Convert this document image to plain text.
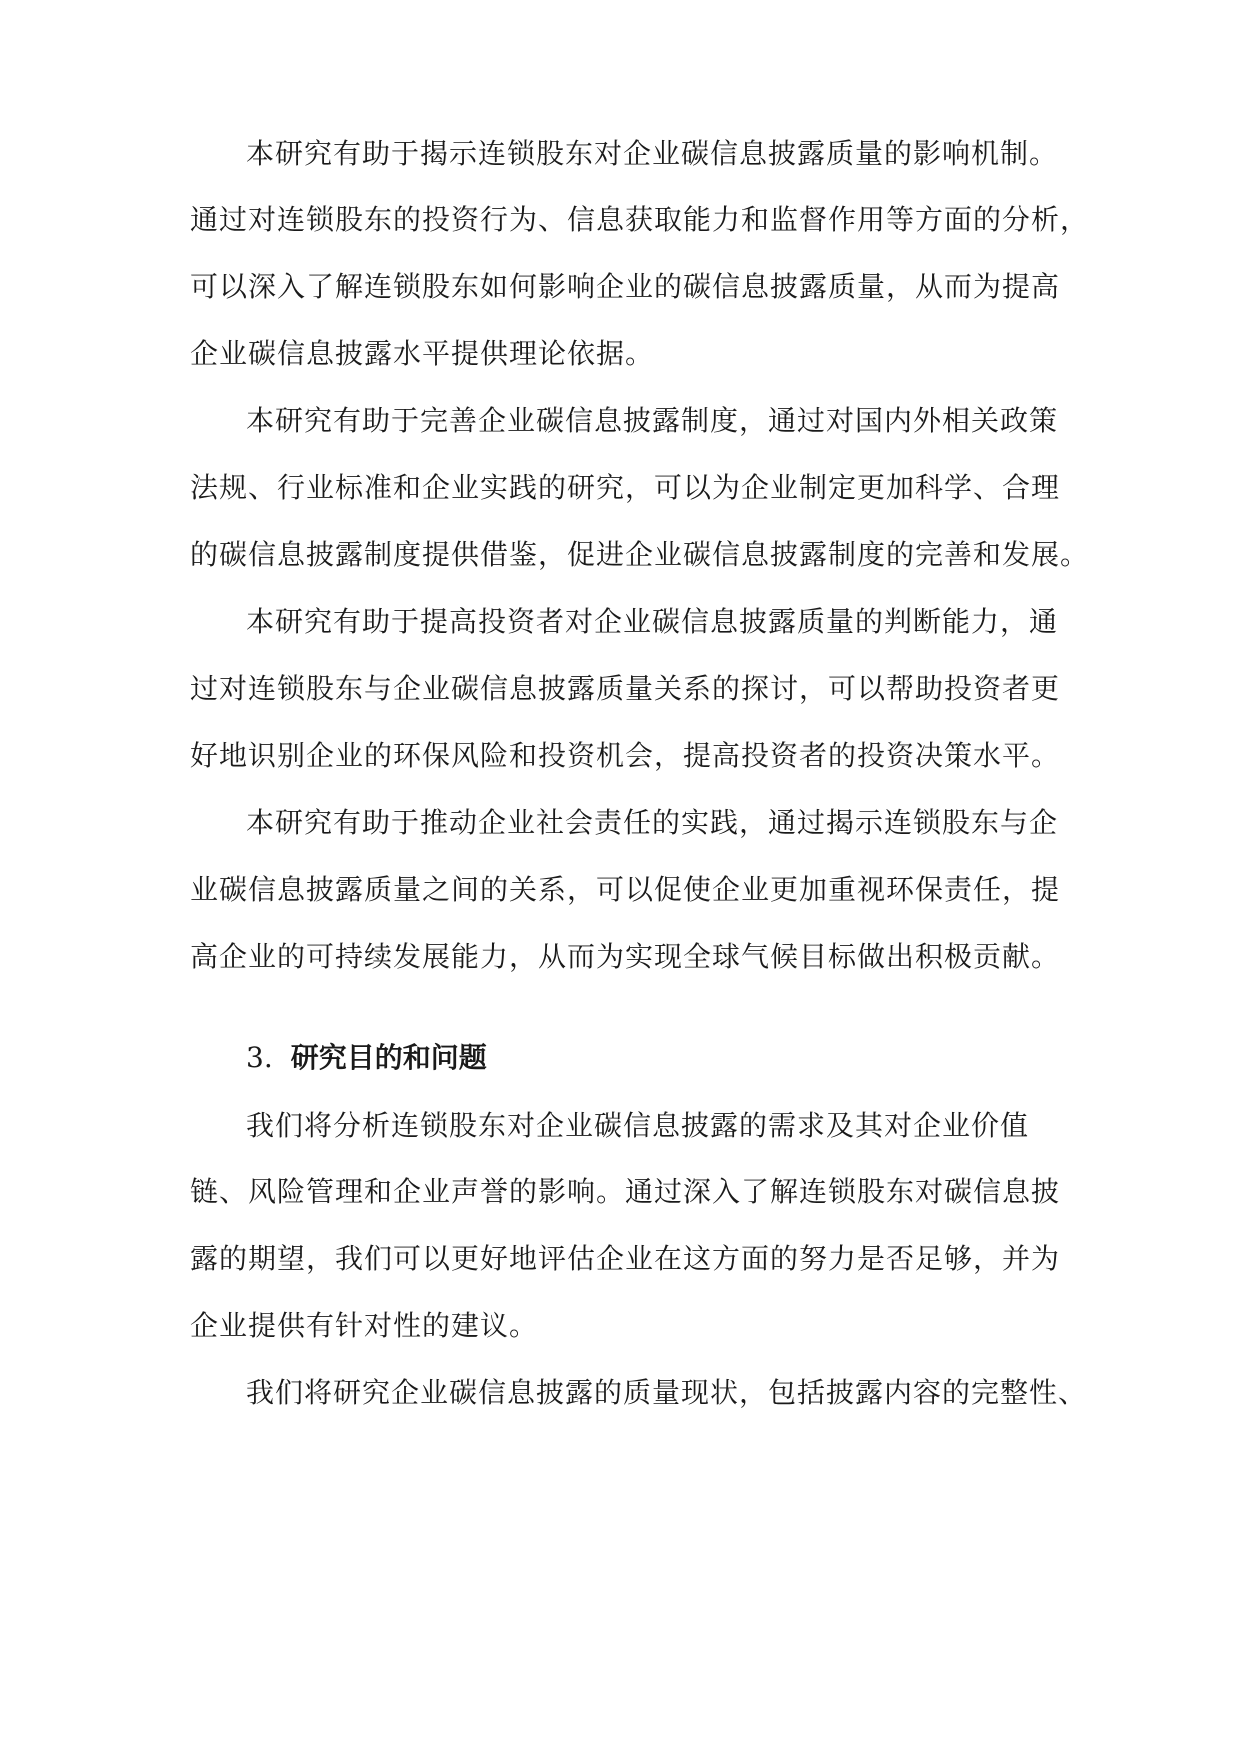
本研究有助于揭示连锁股东对企业碳信息披露质量的影响机制。
通过对连锁股东的投资行为、信息获取能力和监督作用等方面的分析，
可以深入了解连锁股东如何影响企业的碳信息披露质量，从而为提高
企业碳信息披露水平提供理论依据。
本研究有助于完善企业碳信息披露制度，通过对国内外相关政策
法规、行业标准和企业实践的研究，可以为企业制定更加科学、合理
的碳信息披露制度提供借鉴，促进企业碳信息披露制度的完善和发展。
本研究有助于提高投资者对企业碳信息披露质量的判断能力，通
过对连锁股东与企业碳信息披露质量关系的探讨，可以帮助投资者更
好地识别企业的环保风险和投资机会，提高投资者的投资决策水平。
本研究有助于推动企业社会责任的实践，通过揭示连锁股东与企
业碳信息披露质量之间的关系，可以促使企业更加重视环保责任，提
高企业的可持续发展能力，从而为实现全球气候目标做出积极贡献。
3. 研究目的和问题
我们将分析连锁股东对企业碳信息披露的需求及其对企业价值
链、风险管理和企业声誉的影响。通过深入了解连锁股东对碳信息披
露的期望，我们可以更好地评估企业在这方面的努力是否足够，并为
企业提供有针对性的建议。
我们将研究企业碳信息披露的质量现状，包括披露内容的完整性、
